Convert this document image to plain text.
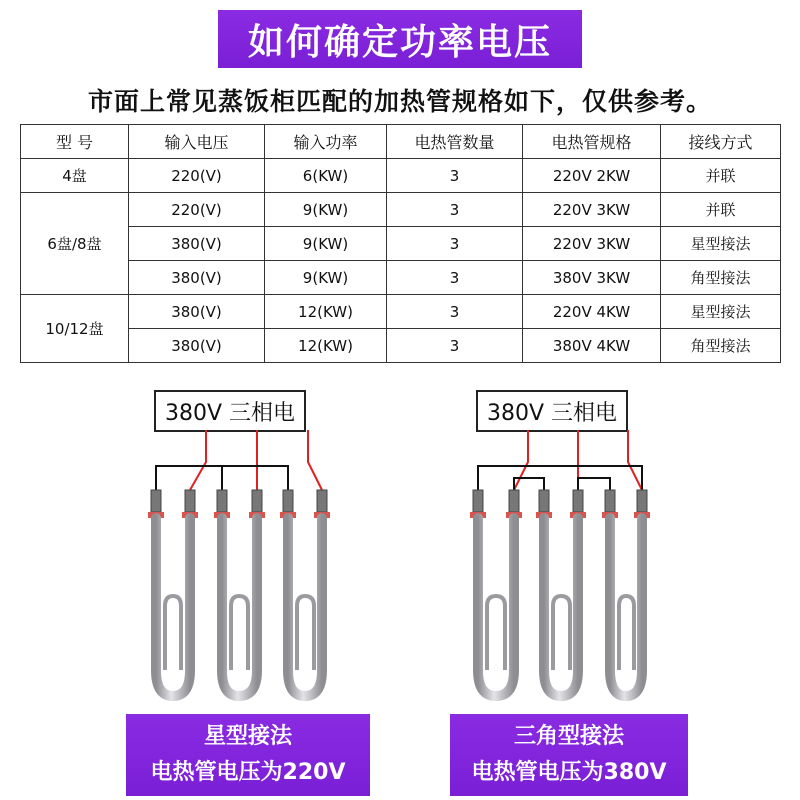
如何确定功率电压
市面上常见蒸饭柜匹配的加热管规格如下，仅供参考。
型 号	输入电压	输入功率	电热管数量	电热管规格	接线方式
4盘	220(V)	6(KW)	3	220V 2KW	并联
6盘/8盘	220(V)	9(KW)	3	220V 3KW	并联
	380(V)	9(KW)	3	220V 3KW	星型接法
	380(V)	9(KW)	3	380V 3KW	角型接法
10/12盘	380(V)	12(KW)	3	220V 4KW	星型接法
	380(V)	12(KW)	3	380V 4KW	角型接法
380V 三相电	380V 三相电
星型接法
电热管电压为220V
三角型接法
电热管电压为380V
